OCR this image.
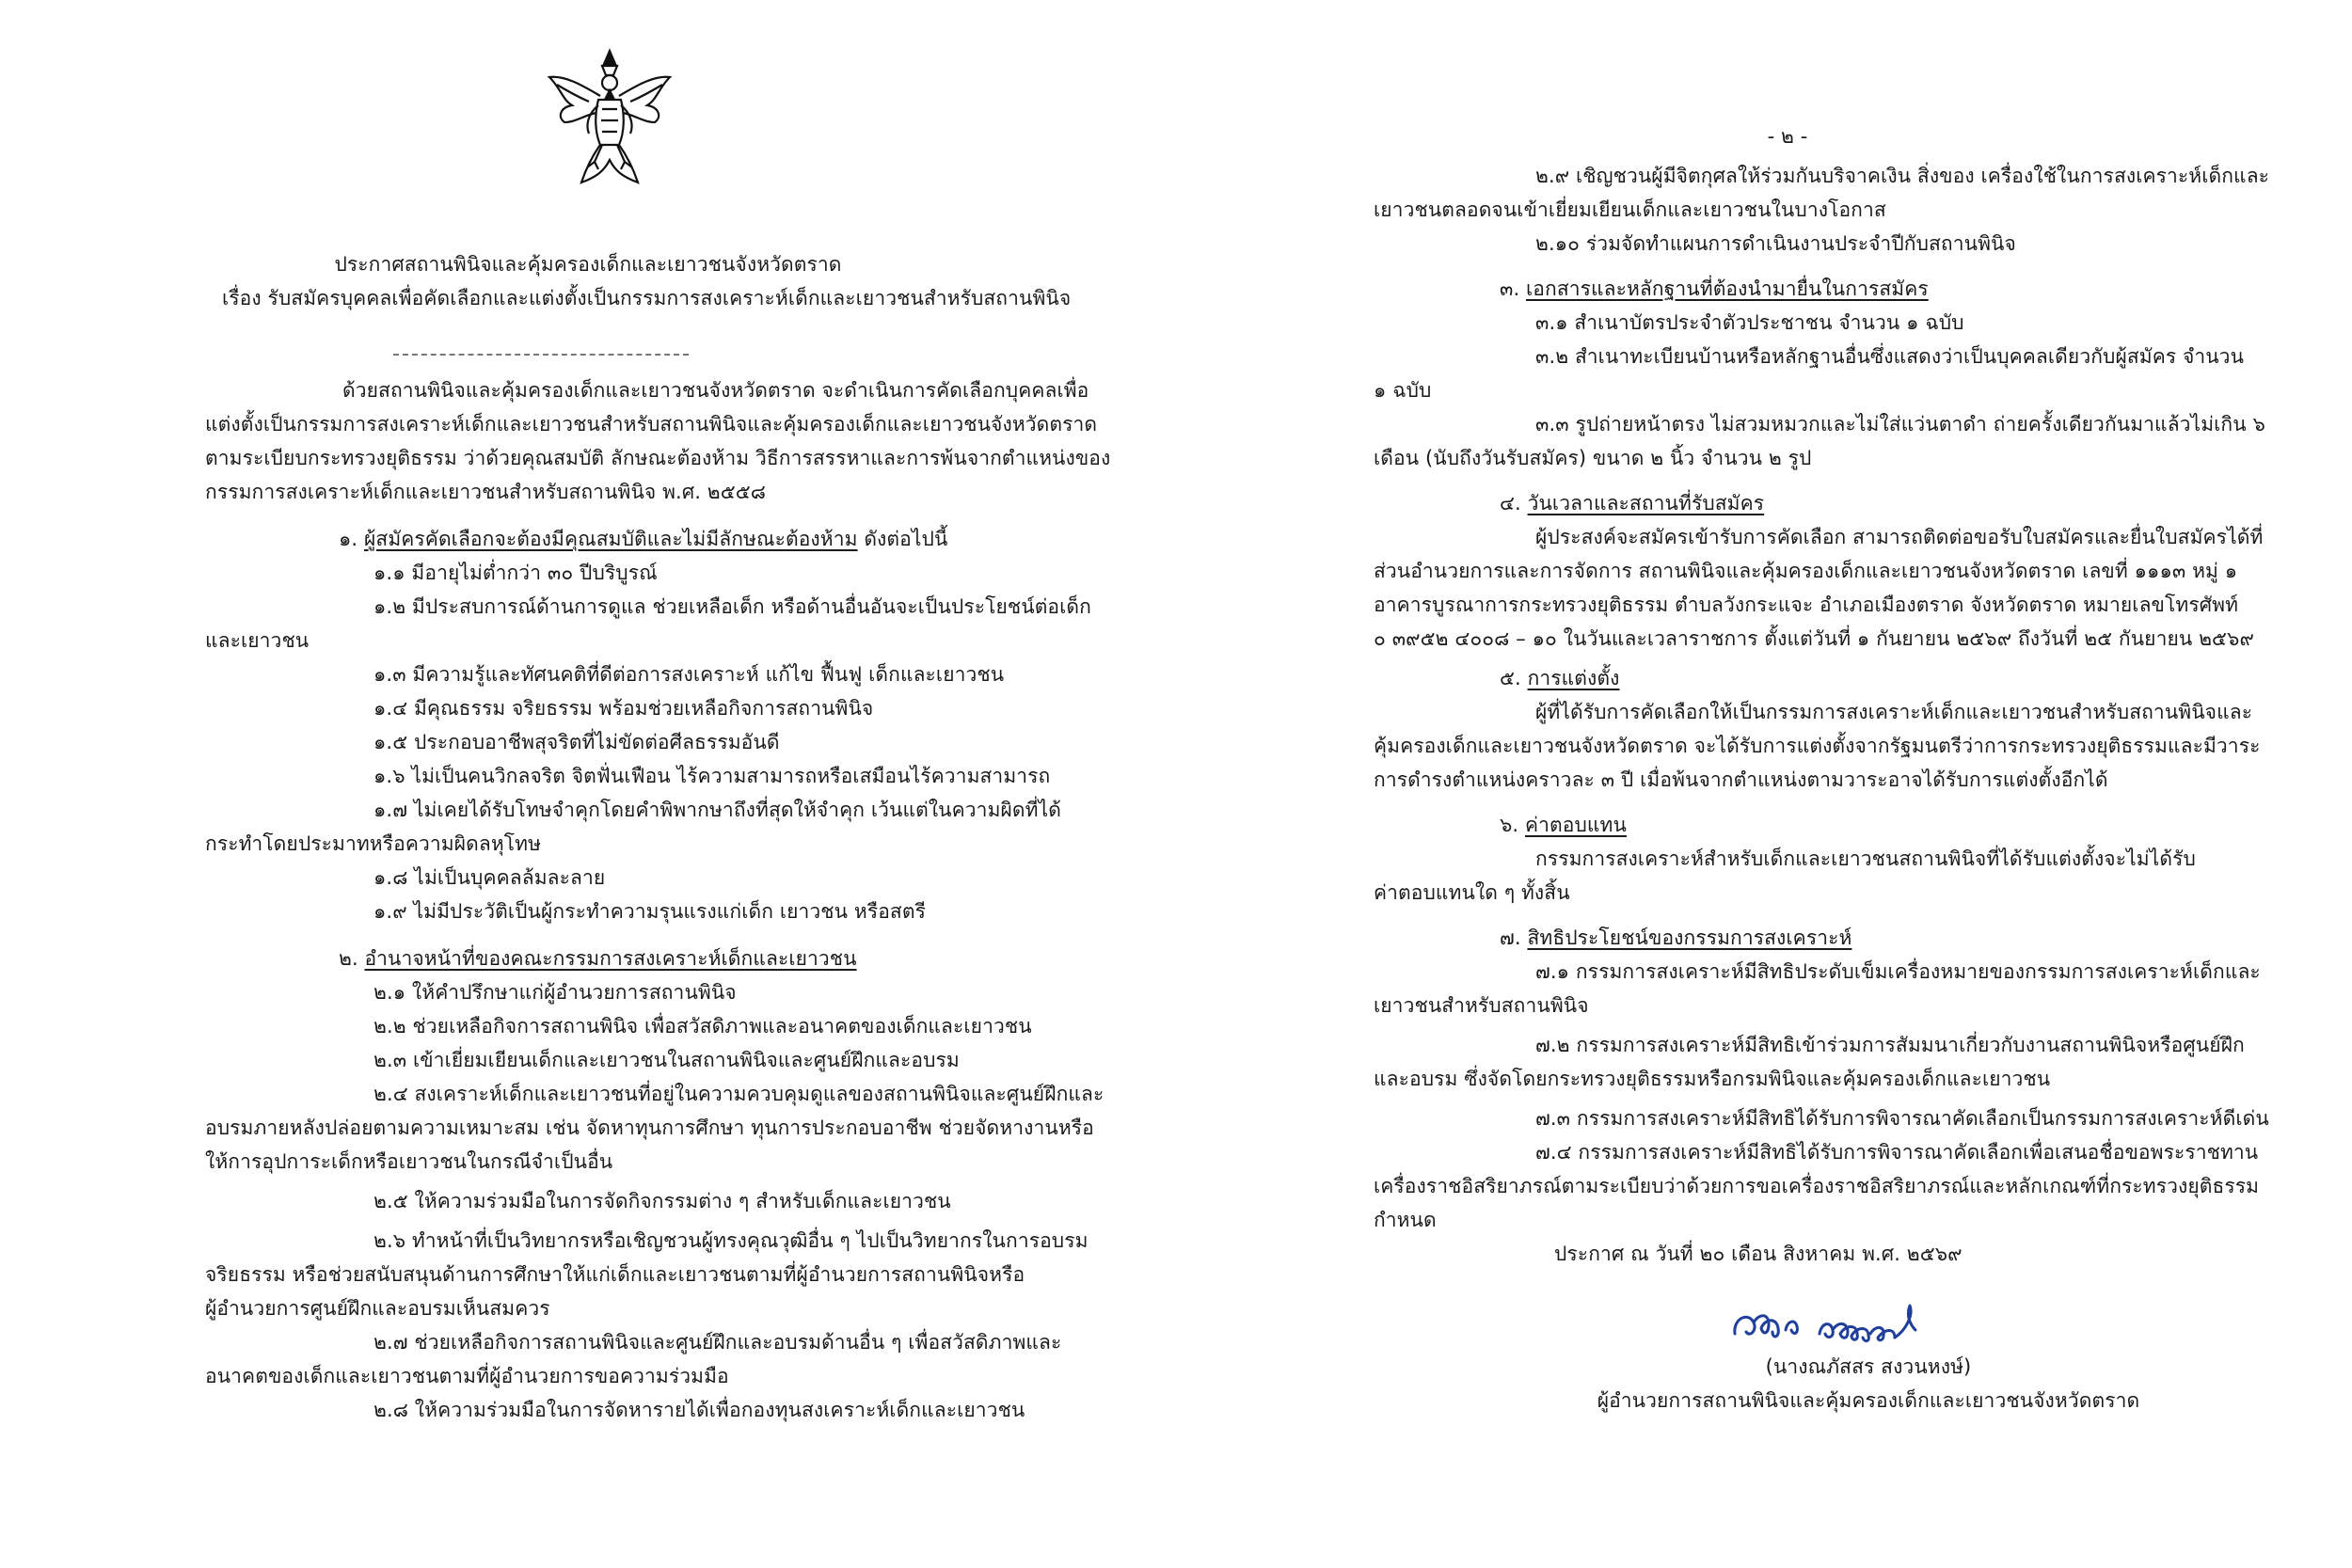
ประกาศสถานพินิจและคุ้มครองเด็กและเยาวชนจังหวัดตราด
เรื่อง รับสมัครบุคคลเพื่อคัดเลือกและแต่งตั้งเป็นกรรมการสงเคราะห์เด็กและเยาวชนสำหรับสถานพินิจ
ด้วยสถานพินิจและคุ้มครองเด็กและเยาวชนจังหวัดตราด จะดำเนินการคัดเลือกบุคคลเพื่อ
แต่งตั้งเป็นกรรมการสงเคราะห์เด็กและเยาวชนสำหรับสถานพินิจและคุ้มครองเด็กและเยาวชนจังหวัดตราด
ตามระเบียบกระทรวงยุติธรรม ว่าด้วยคุณสมบัติ ลักษณะต้องห้าม วิธีการสรรหาและการพ้นจากตำแหน่งของ
กรรมการสงเคราะห์เด็กและเยาวชนสำหรับสถานพินิจ พ.ศ. ๒๕๕๘
๑. ผู้สมัครคัดเลือกจะต้องมีคุณสมบัติและไม่มีลักษณะต้องห้าม ดังต่อไปนี้
๑.๑ มีอายุไม่ต่ำกว่า ๓๐ ปีบริบูรณ์
๑.๒ มีประสบการณ์ด้านการดูแล ช่วยเหลือเด็ก หรือด้านอื่นอันจะเป็นประโยชน์ต่อเด็ก
และเยาวชน
๑.๓ มีความรู้และทัศนคติที่ดีต่อการสงเคราะห์ แก้ไข ฟื้นฟู เด็กและเยาวชน
๑.๔ มีคุณธรรม จริยธรรม พร้อมช่วยเหลือกิจการสถานพินิจ
๑.๕ ประกอบอาชีพสุจริตที่ไม่ขัดต่อศีลธรรมอันดี
๑.๖ ไม่เป็นคนวิกลจริต จิตฟั่นเฟือน ไร้ความสามารถหรือเสมือนไร้ความสามารถ
๑.๗ ไม่เคยได้รับโทษจำคุกโดยคำพิพากษาถึงที่สุดให้จำคุก เว้นแต่ในความผิดที่ได้
กระทำโดยประมาทหรือความผิดลหุโทษ
๑.๘ ไม่เป็นบุคคลล้มละลาย
๑.๙ ไม่มีประวัติเป็นผู้กระทำความรุนแรงแก่เด็ก เยาวชน หรือสตรี
๒. อำนาจหน้าที่ของคณะกรรมการสงเคราะห์เด็กและเยาวชน
๒.๑ ให้คำปรึกษาแก่ผู้อำนวยการสถานพินิจ
๒.๒ ช่วยเหลือกิจการสถานพินิจ เพื่อสวัสดิภาพและอนาคตของเด็กและเยาวชน
๒.๓ เข้าเยี่ยมเยียนเด็กและเยาวชนในสถานพินิจและศูนย์ฝึกและอบรม
๒.๔ สงเคราะห์เด็กและเยาวชนที่อยู่ในความควบคุมดูแลของสถานพินิจและศูนย์ฝึกและ
อบรมภายหลังปล่อยตามความเหมาะสม เช่น จัดหาทุนการศึกษา ทุนการประกอบอาชีพ ช่วยจัดหางานหรือ
ให้การอุปการะเด็กหรือเยาวชนในกรณีจำเป็นอื่น
๒.๕ ให้ความร่วมมือในการจัดกิจกรรมต่าง ๆ สำหรับเด็กและเยาวชน
๒.๖ ทำหน้าที่เป็นวิทยากรหรือเชิญชวนผู้ทรงคุณวุฒิอื่น ๆ ไปเป็นวิทยากรในการอบรม
จริยธรรม หรือช่วยสนับสนุนด้านการศึกษาให้แก่เด็กและเยาวชนตามที่ผู้อำนวยการสถานพินิจหรือ
ผู้อำนวยการศูนย์ฝึกและอบรมเห็นสมควร
๒.๗ ช่วยเหลือกิจการสถานพินิจและศูนย์ฝึกและอบรมด้านอื่น ๆ เพื่อสวัสดิภาพและ
อนาคตของเด็กและเยาวชนตามที่ผู้อำนวยการขอความร่วมมือ
๒.๘ ให้ความร่วมมือในการจัดหารายได้เพื่อกองทุนสงเคราะห์เด็กและเยาวชน
- ๒ -
๒.๙ เชิญชวนผู้มีจิตกุศลให้ร่วมกันบริจาคเงิน สิ่งของ เครื่องใช้ในการสงเคราะห์เด็กและ
เยาวชนตลอดจนเข้าเยี่ยมเยียนเด็กและเยาวชนในบางโอกาส
๒.๑๐ ร่วมจัดทำแผนการดำเนินงานประจำปีกับสถานพินิจ
๓. เอกสารและหลักฐานที่ต้องนำมายื่นในการสมัคร
๓.๑ สำเนาบัตรประจำตัวประชาชน จำนวน ๑ ฉบับ
๓.๒ สำเนาทะเบียนบ้านหรือหลักฐานอื่นซึ่งแสดงว่าเป็นบุคคลเดียวกับผู้สมัคร จำนวน
๑ ฉบับ
๓.๓ รูปถ่ายหน้าตรง ไม่สวมหมวกและไม่ใส่แว่นตาดำ ถ่ายครั้งเดียวกันมาแล้วไม่เกิน ๖
เดือน (นับถึงวันรับสมัคร) ขนาด ๒ นิ้ว จำนวน ๒ รูป
๔. วันเวลาและสถานที่รับสมัคร
ผู้ประสงค์จะสมัครเข้ารับการคัดเลือก สามารถติดต่อขอรับใบสมัครและยื่นใบสมัครได้ที่
ส่วนอำนวยการและการจัดการ สถานพินิจและคุ้มครองเด็กและเยาวชนจังหวัดตราด เลขที่ ๑๑๑๓ หมู่ ๑
อาคารบูรณาการกระทรวงยุติธรรม ตำบลวังกระแจะ อำเภอเมืองตราด จังหวัดตราด หมายเลขโทรศัพท์
๐ ๓๙๕๒ ๔๐๐๘ – ๑๐ ในวันและเวลาราชการ ตั้งแต่วันที่ ๑ กันยายน ๒๕๖๙ ถึงวันที่ ๒๕ กันยายน ๒๕๖๙
๕. การแต่งตั้ง
ผู้ที่ได้รับการคัดเลือกให้เป็นกรรมการสงเคราะห์เด็กและเยาวชนสำหรับสถานพินิจและ
คุ้มครองเด็กและเยาวชนจังหวัดตราด จะได้รับการแต่งตั้งจากรัฐมนตรีว่าการกระทรวงยุติธรรมและมีวาระ
การดำรงตำแหน่งคราวละ ๓ ปี เมื่อพ้นจากตำแหน่งตามวาระอาจได้รับการแต่งตั้งอีกได้
๖. ค่าตอบแทน
กรรมการสงเคราะห์สำหรับเด็กและเยาวชนสถานพินิจที่ได้รับแต่งตั้งจะไม่ได้รับ
ค่าตอบแทนใด ๆ ทั้งสิ้น
๗. สิทธิประโยชน์ของกรรมการสงเคราะห์
๗.๑ กรรมการสงเคราะห์มีสิทธิประดับเข็มเครื่องหมายของกรรมการสงเคราะห์เด็กและ
เยาวชนสำหรับสถานพินิจ
๗.๒ กรรมการสงเคราะห์มีสิทธิเข้าร่วมการสัมมนาเกี่ยวกับงานสถานพินิจหรือศูนย์ฝึก
และอบรม ซึ่งจัดโดยกระทรวงยุติธรรมหรือกรมพินิจและคุ้มครองเด็กและเยาวชน
๗.๓ กรรมการสงเคราะห์มีสิทธิได้รับการพิจารณาคัดเลือกเป็นกรรมการสงเคราะห์ดีเด่น
๗.๔ กรรมการสงเคราะห์มีสิทธิได้รับการพิจารณาคัดเลือกเพื่อเสนอชื่อขอพระราชทาน
เครื่องราชอิสริยาภรณ์ตามระเบียบว่าด้วยการขอเครื่องราชอิสริยาภรณ์และหลักเกณฑ์ที่กระทรวงยุติธรรม
กำหนด
ประกาศ ณ วันที่ ๒๐ เดือน สิงหาคม พ.ศ. ๒๕๖๙
(นางณภัสสร สงวนหงษ์)
ผู้อำนวยการสถานพินิจและคุ้มครองเด็กและเยาวชนจังหวัดตราด
